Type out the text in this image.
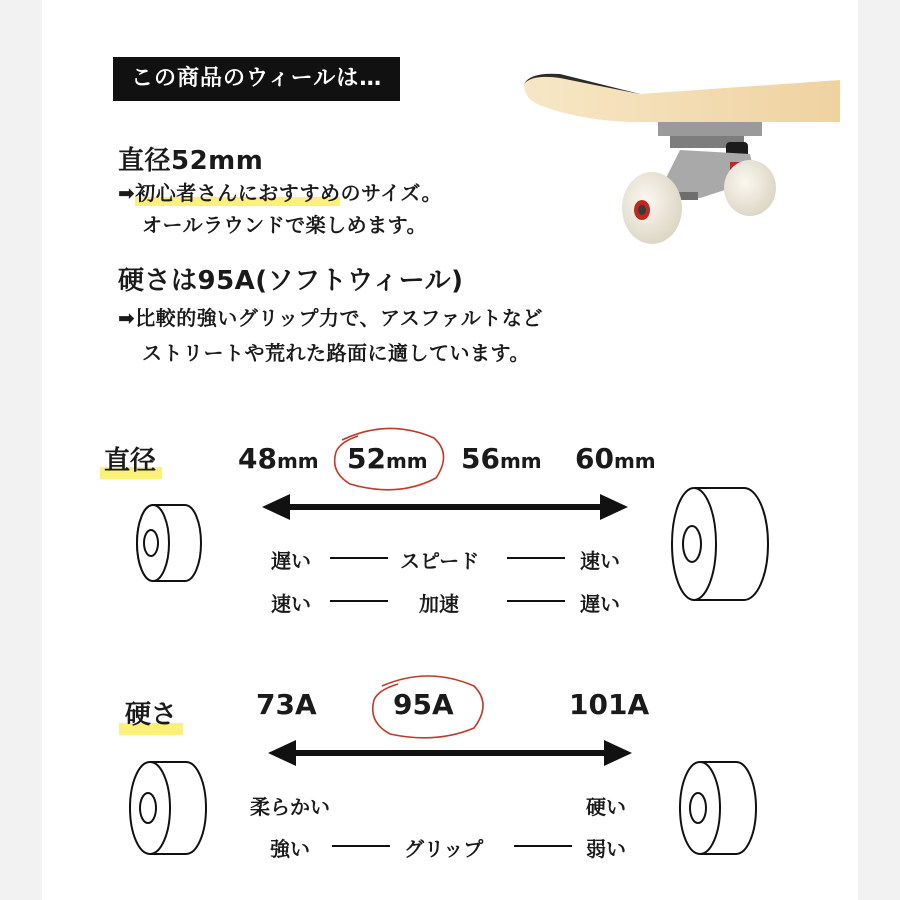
この商品のウィールは…
直径52mm
➡
初心者さんにおすすめのサイズ。
オールラウンドで楽しめます。
硬さは95A(ソフトウィール)
➡比較的強いグリップ力で、アスファルトなど
ストリートや荒れた路面に適しています。
直径	48mm 52mm 56mm 60mm
遅い	スピード	速い
速い	加速	遅い
硬さ	73A	95A	101A
柔らかい	硬い
強い	グリップ	弱い
